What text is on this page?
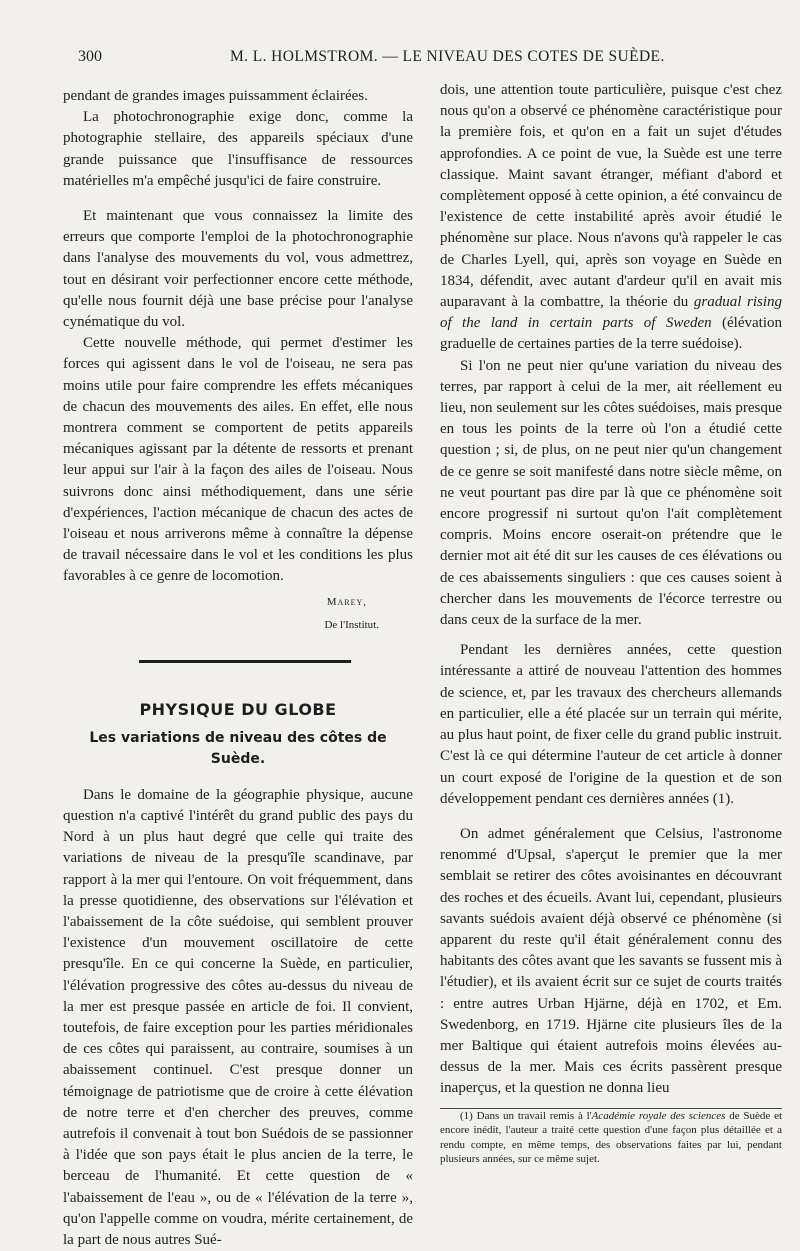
300	M. L. HOLMSTROM. — LE NIVEAU DES COTES DE SUÈDE.

pendant de grandes images puissamment éclairées.

La photochronographie exige donc, comme la photographie stellaire, des appareils spéciaux d'une grande puissance que l'insuffisance de ressources matérielles m'a empêché jusqu'ici de faire construire.

Et maintenant que vous connaissez la limite des erreurs que comporte l'emploi de la photochronographie dans l'analyse des mouvements du vol, vous admettrez, tout en désirant voir perfectionner encore cette méthode, qu'elle nous fournit déjà une base précise pour l'analyse cynématique du vol.

Cette nouvelle méthode, qui permet d'estimer les forces qui agissent dans le vol de l'oiseau, ne sera pas moins utile pour faire comprendre les effets mécaniques de chacun des mouvements des ailes. En effet, elle nous montrera comment se comportent de petits appareils mécaniques agissant par la détente de ressorts et prenant leur appui sur l'air à la façon des ailes de l'oiseau. Nous suivrons donc ainsi méthodiquement, dans une série d'expériences, l'action mécanique de chacun des actes de l'oiseau et nous arriverons même à connaître la dépense de travail nécessaire dans le vol et les conditions les plus favorables à ce genre de locomotion.

Marey,
De l'Institut.
PHYSIQUE DU GLOBE
Les variations de niveau des côtes de Suède.

Dans le domaine de la géographie physique, aucune question n'a captivé l'intérêt du grand public des pays du Nord à un plus haut degré que celle qui traite des variations de niveau de la presqu'île scandinave, par rapport à la mer qui l'entoure. On voit fréquemment, dans la presse quotidienne, des observations sur l'élévation et l'abaissement de la côte suédoise, qui semblent prouver l'existence d'un mouvement oscillatoire de cette presqu'île. En ce qui concerne la Suède, en particulier, l'élévation progressive des côtes au-dessus du niveau de la mer est presque passée en article de foi. Il convient, toutefois, de faire exception pour les parties méridionales de ces côtes qui paraissent, au contraire, soumises à un abaissement continuel. C'est presque donner un témoignage de patriotisme que de croire à cette élévation de notre terre et d'en chercher des preuves, comme autrefois il convenait à tout bon Suédois de se passionner à l'idée que son pays était le plus ancien de la terre, le berceau de l'humanité. Et cette question de « l'abaissement de l'eau », ou de « l'élévation de la terre », qu'on l'appelle comme on voudra, mérite certainement, de la part de nous autres Sué-

dois, une attention toute particulière, puisque c'est chez nous qu'on a observé ce phénomène caractéristique pour la première fois, et qu'on en a fait un sujet d'études approfondies. A ce point de vue, la Suède est une terre classique. Maint savant étranger, méfiant d'abord et complètement opposé à cette opinion, a été convaincu de l'existence de cette instabilité après avoir étudié le phénomène sur place. Nous n'avons qu'à rappeler le cas de Charles Lyell, qui, après son voyage en Suède en 1834, défendit, avec autant d'ardeur qu'il en avait mis auparavant à la combattre, la théorie du gradual rising of the land in certain parts of Sweden (élévation graduelle de certaines parties de la terre suédoise).

Si l'on ne peut nier qu'une variation du niveau des terres, par rapport à celui de la mer, ait réellement eu lieu, non seulement sur les côtes suédoises, mais presque en tous les points de la terre où l'on a étudié cette question ; si, de plus, on ne peut nier qu'un changement de ce genre se soit manifesté dans notre siècle même, on ne veut pourtant pas dire par là que ce phénomène soit encore progressif ni surtout qu'on l'ait complètement compris. Moins encore oserait-on prétendre que le dernier mot ait été dit sur les causes de ces élévations ou de ces abaissements singuliers : que ces causes soient à chercher dans les mouvements de l'écorce terrestre ou dans ceux de la surface de la mer.

Pendant les dernières années, cette question intéressante a attiré de nouveau l'attention des hommes de science, et, par les travaux des chercheurs allemands en particulier, elle a été placée sur un terrain qui mérite, au plus haut point, de fixer celle du grand public instruit. C'est là ce qui détermine l'auteur de cet article à donner un court exposé de l'origine de la question et de son développement pendant ces dernières années (1).

On admet généralement que Celsius, l'astronome renommé d'Upsal, s'aperçut le premier que la mer semblait se retirer des côtes avoisinantes en découvrant des roches et des écueils. Avant lui, cependant, plusieurs savants suédois avaient déjà observé ce phénomène (si apparent du reste qu'il était généralement connu des habitants des côtes avant que les savants se fussent mis à l'étudier), et ils avaient écrit sur ce sujet de courts traités : entre autres Urban Hjärne, déjà en 1702, et Em. Swedenborg, en 1719. Hjärne cite plusieurs îles de la mer Baltique qui étaient autrefois moins élevées au-dessus de la mer. Mais ces écrits passèrent presque inaperçus, et la question ne donna lieu

(1) Dans un travail remis à l'Académie royale des sciences de Suède et encore inédit, l'auteur a traité cette question d'une façon plus détaillée et a rendu compte, en même temps, des observations faites par lui, pendant plusieurs années, sur ce même sujet.
